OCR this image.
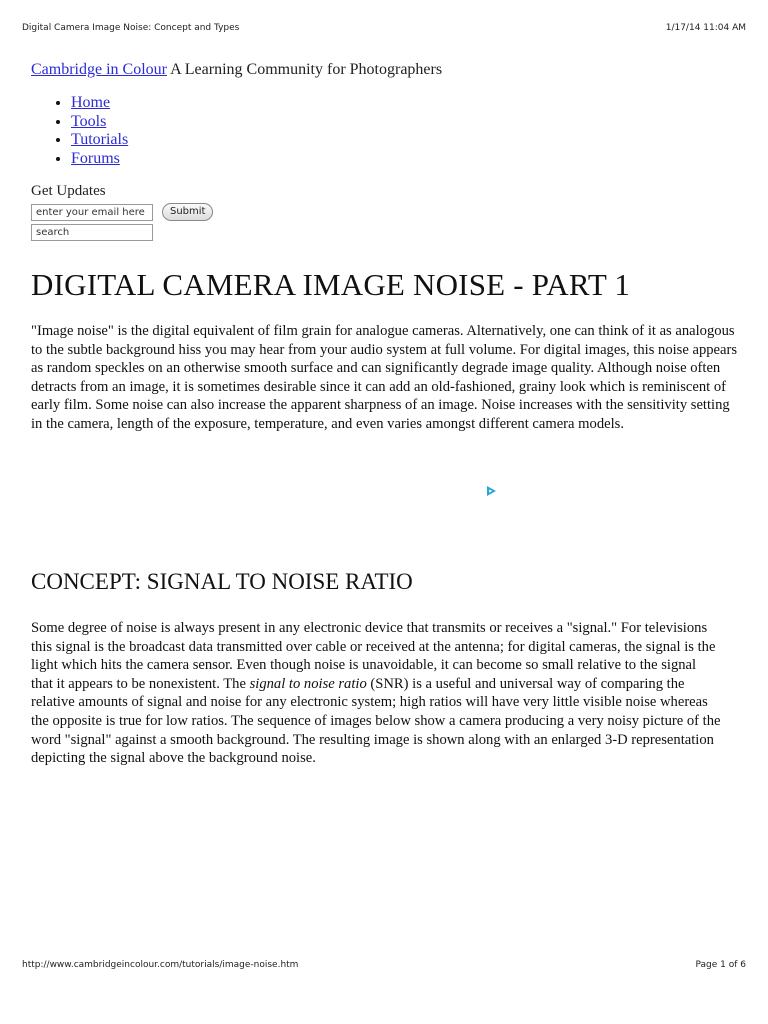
Digital Camera Image Noise: Concept and Types	1/17/14 11:04 AM

Cambridge in Colour A Learning Community for Photographers

• Home
• Tools
• Tutorials
• Forums
Get Updates
enter your email here	Submit
search
DIGITAL CAMERA IMAGE NOISE - PART 1

"Image noise" is the digital equivalent of film grain for analogue cameras. Alternatively, one can think of it as analogous to the subtle background hiss you may hear from your audio system at full volume. For digital images, this noise appears as random speckles on an otherwise smooth surface and can significantly degrade image quality. Although noise often detracts from an image, it is sometimes desirable since it can add an old-fashioned, grainy look which is reminiscent of early film. Some noise can also increase the apparent sharpness of an image. Noise increases with the sensitivity setting in the camera, length of the exposure, temperature, and even varies amongst different camera models.

CONCEPT: SIGNAL TO NOISE RATIO

Some degree of noise is always present in any electronic device that transmits or receives a "signal." For televisions this signal is the broadcast data transmitted over cable or received at the antenna; for digital cameras, the signal is the light which hits the camera sensor. Even though noise is unavoidable, it can become so small relative to the signal that it appears to be nonexistent. The signal to noise ratio (SNR) is a useful and universal way of comparing the relative amounts of signal and noise for any electronic system; high ratios will have very little visible noise whereas the opposite is true for low ratios. The sequence of images below show a camera producing a very noisy picture of the word "signal" against a smooth background. The resulting image is shown along with an enlarged 3-D representation depicting the signal above the background noise.

http://www.cambridgeincolour.com/tutorials/image-noise.htm	Page 1 of 6
